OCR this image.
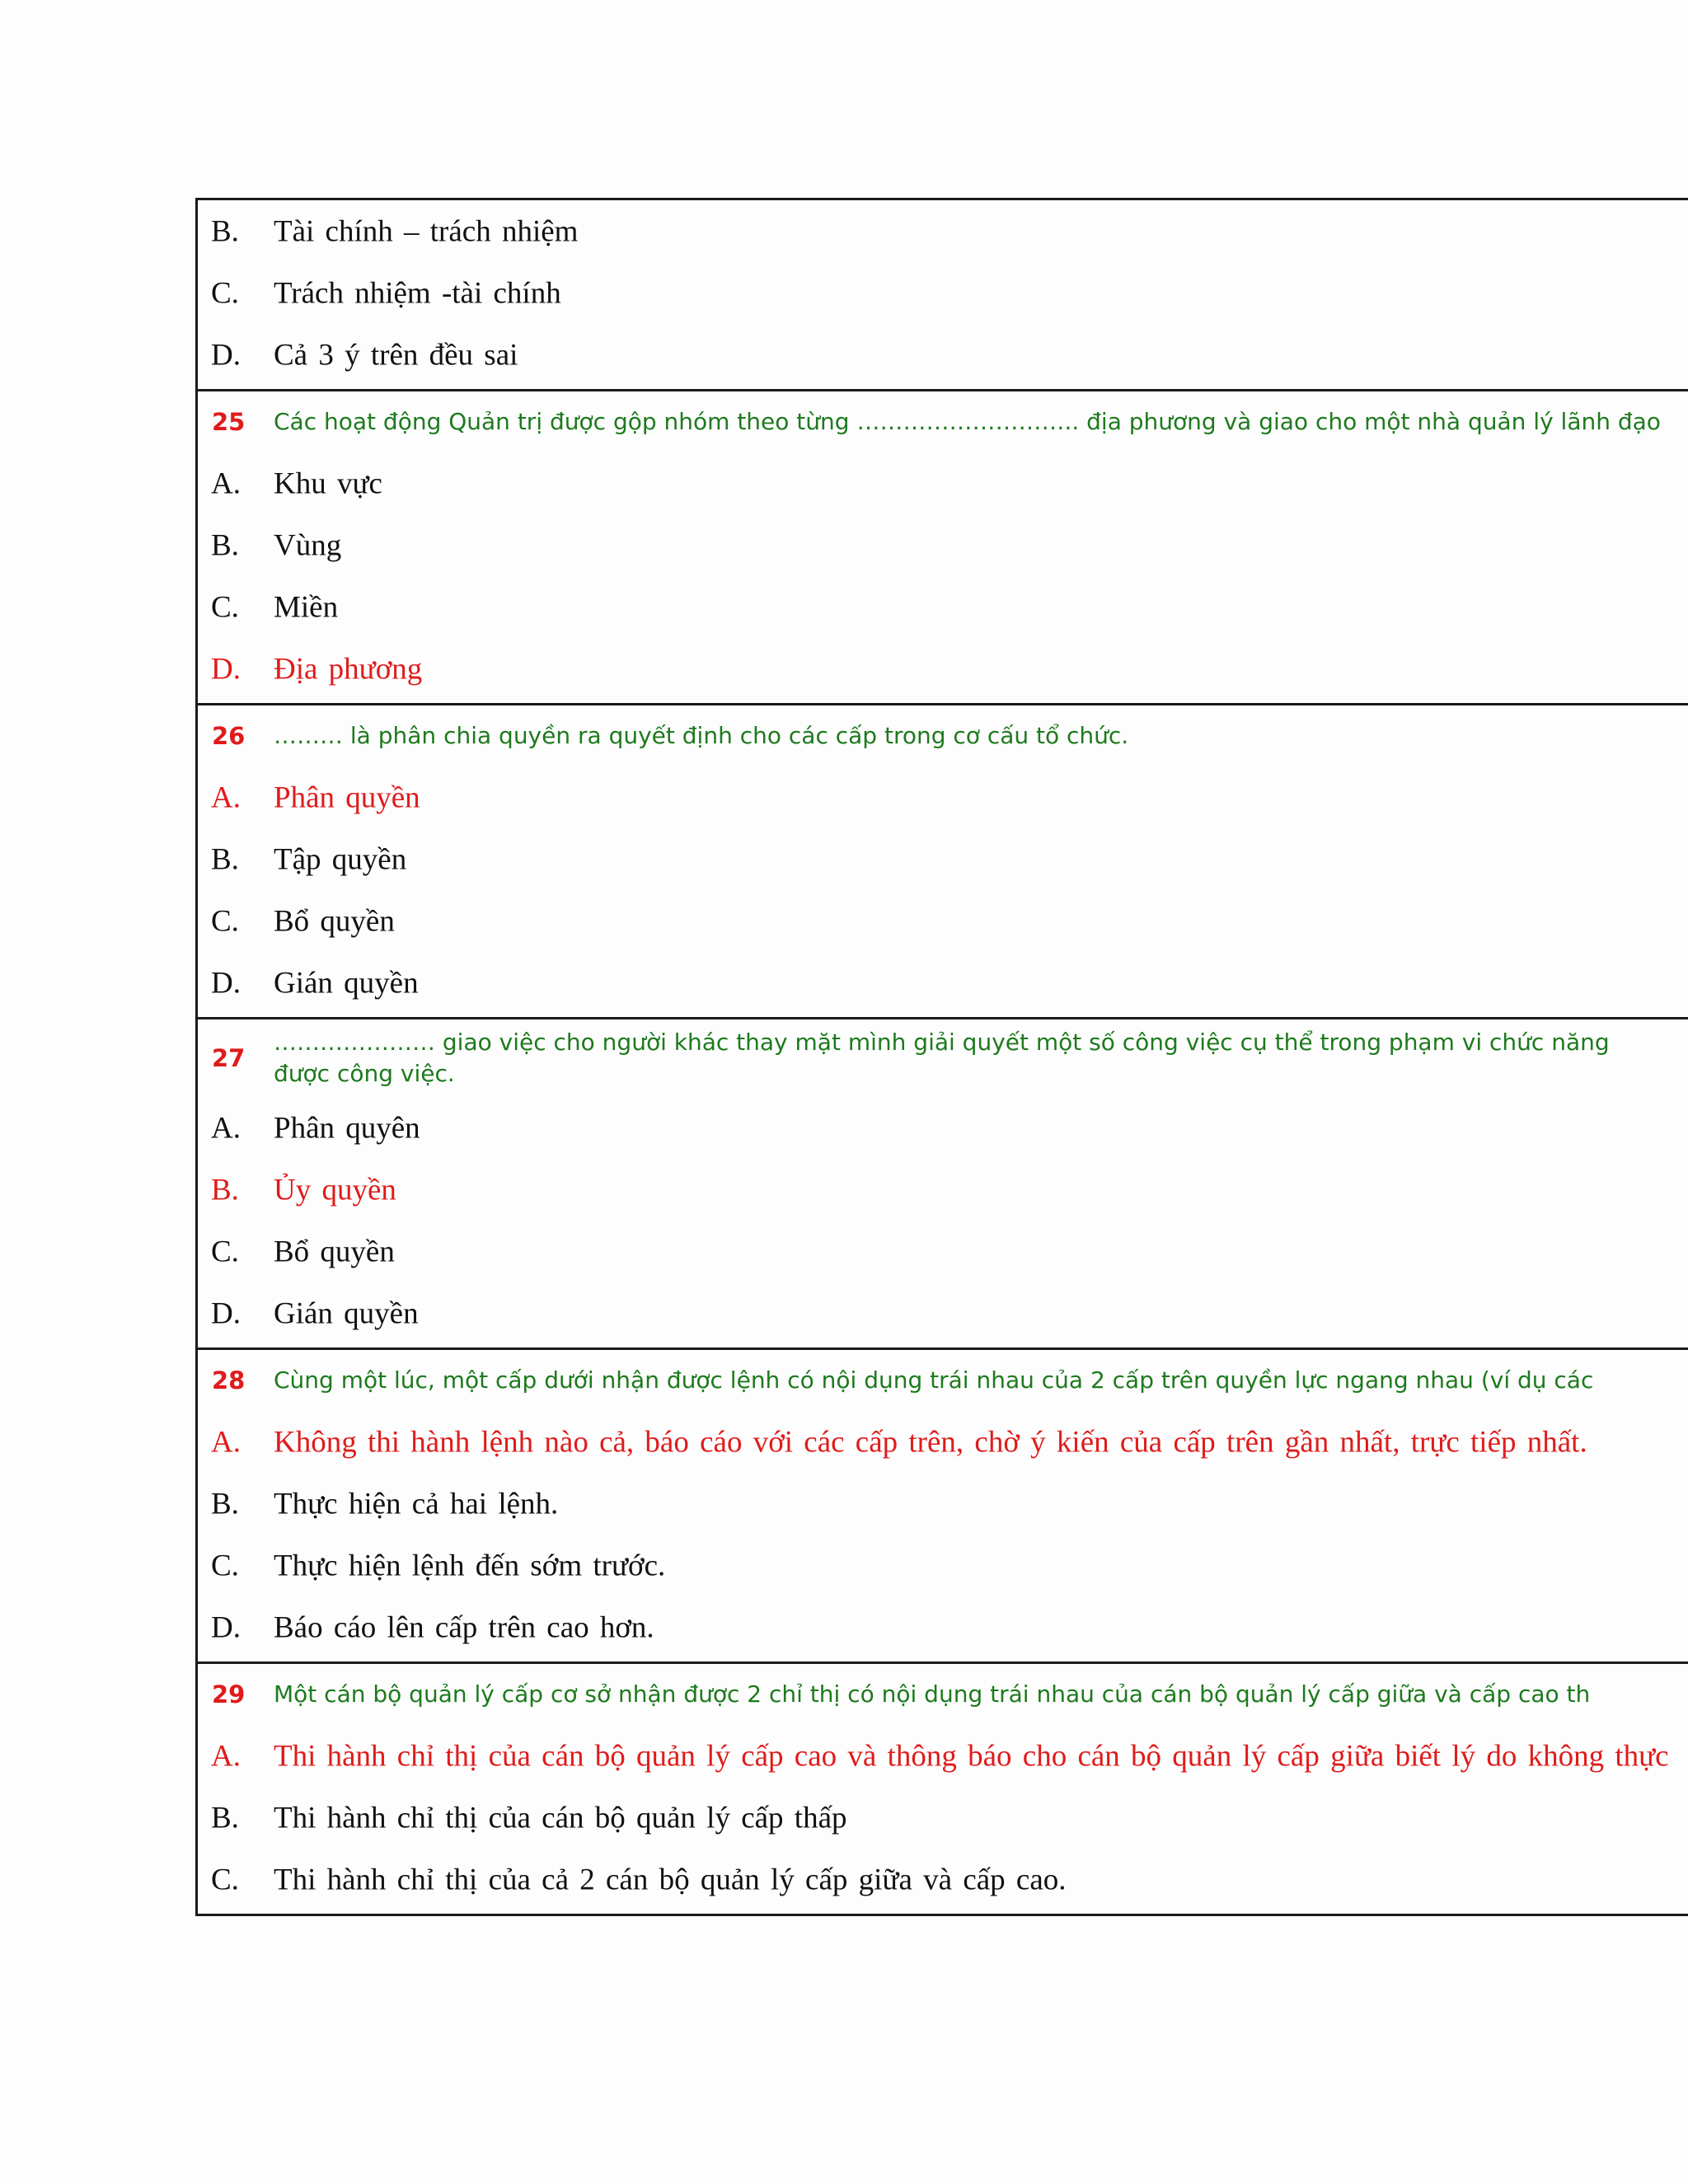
B. Tài chính – trách nhiệm
C. Trách nhiệm -tài chính
D. Cả 3 ý trên đều sai
25 Các hoạt động Quản trị được gộp nhóm theo từng ……………………….. địa phương và giao cho một nhà quản lý lãnh đạo
A. Khu vực
B. Vùng
C. Miền
D. Địa phương
26 ……… là phân chia quyền ra quyết định cho các cấp trong cơ cấu tổ chức.
A. Phân quyền
B. Tập quyền
C. Bổ quyền
D. Gián quyền
27
………………… giao việc cho người khác thay mặt mình giải quyết một số công việc cụ thể trong phạm vi chức năng
được công việc.
A. Phân quyên
B. Ủy quyền
C. Bổ quyền
D. Gián quyền
28 Cùng một lúc, một cấp dưới nhận được lệnh có nội dụng trái nhau của 2 cấp trên quyền lực ngang nhau (ví dụ các
A. Không thi hành lệnh nào cả, báo cáo với các cấp trên, chờ ý kiến của cấp trên gần nhất, trực tiếp nhất.
B. Thực hiện cả hai lệnh.
C. Thực hiện lệnh đến sớm trước.
D. Báo cáo lên cấp trên cao hơn.
29 Một cán bộ quản lý cấp cơ sở nhận được 2 chỉ thị có nội dụng trái nhau của cán bộ quản lý cấp giữa và cấp cao th
A. Thi hành chỉ thị của cán bộ quản lý cấp cao và thông báo cho cán bộ quản lý cấp giữa biết lý do không thực
B. Thi hành chỉ thị của cán bộ quản lý cấp thấp
C. Thi hành chỉ thị của cả 2 cán bộ quản lý cấp giữa và cấp cao.
